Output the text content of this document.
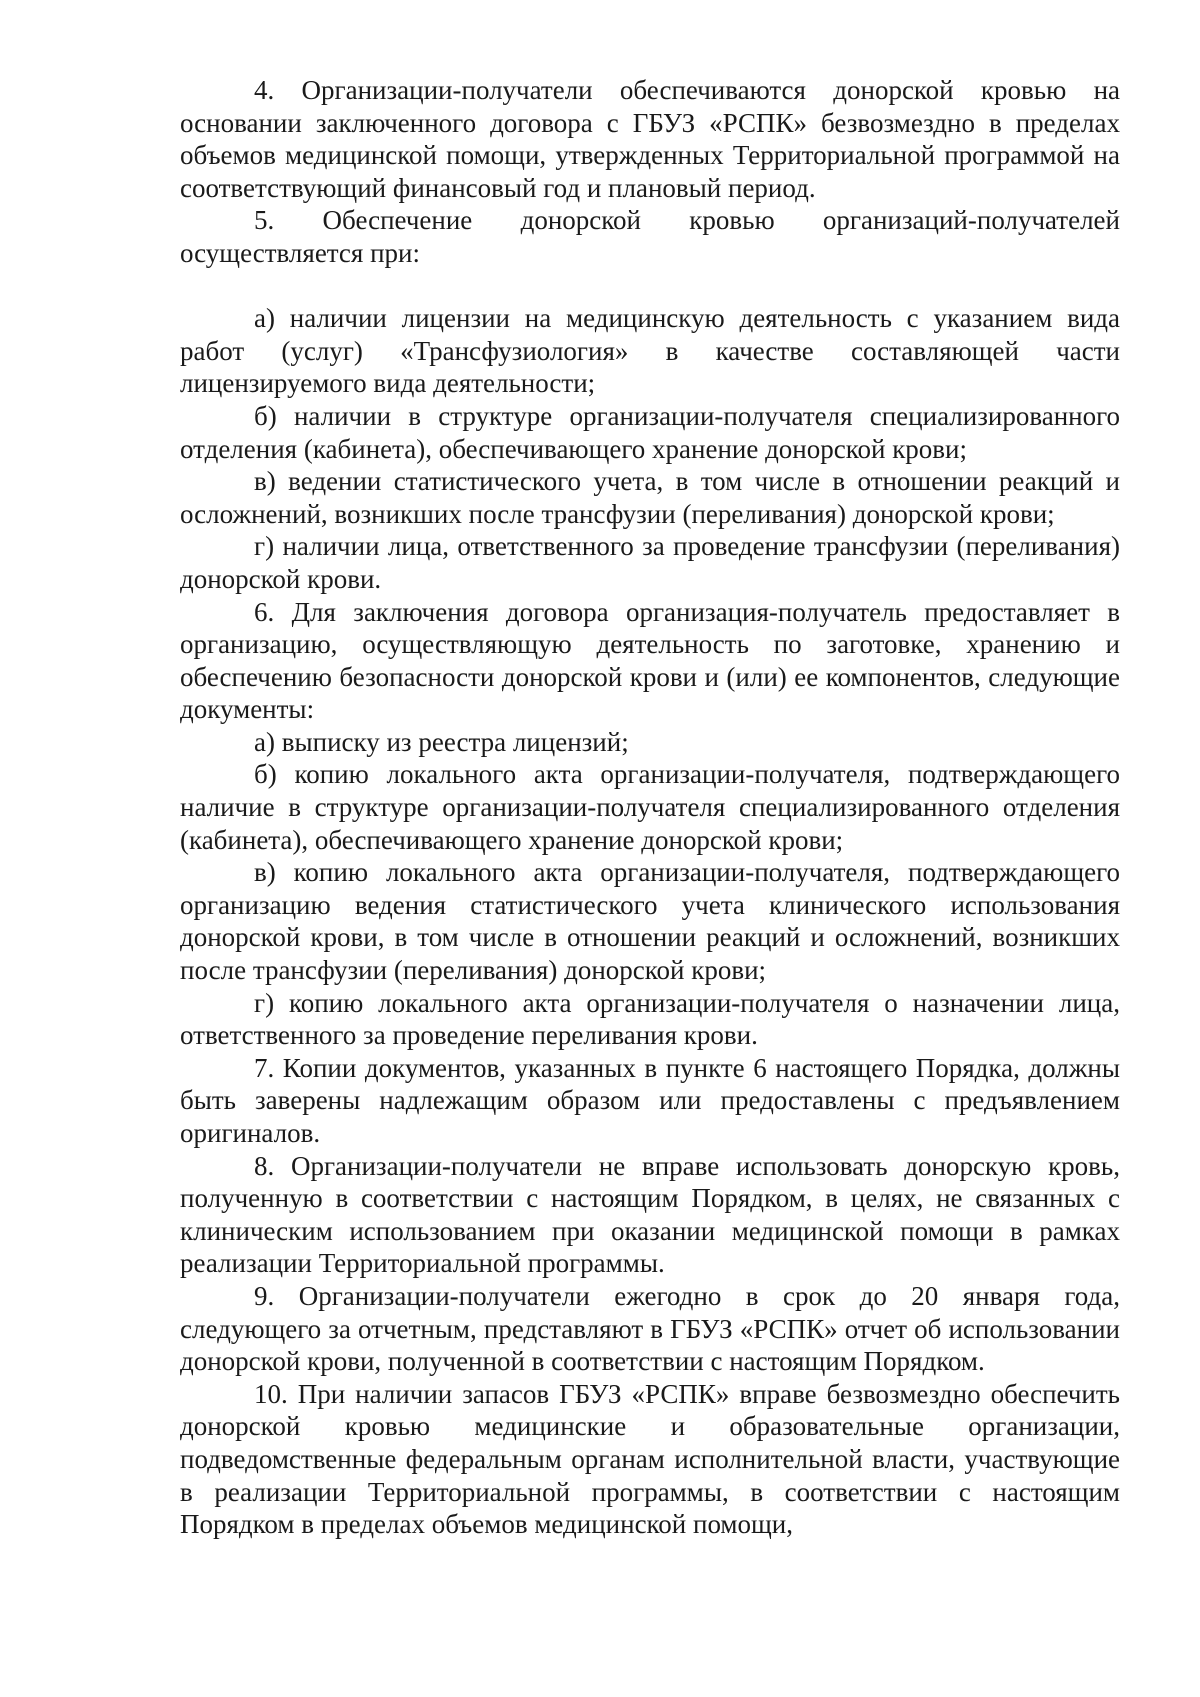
4. Организации-получатели обеспечиваются донорской кровью на основании заключенного договора с ГБУЗ «РСПК» безвозмездно в пределах объемов медицинской помощи, утвержденных Территориальной программой на соответствующий финансовый год и плановый период.

5. Обеспечение донорской кровью организаций-получателей осуществляется при:

а) наличии лицензии на медицинскую деятельность с указанием вида работ (услуг) «Трансфузиология» в качестве составляющей части лицензируемого вида деятельности;

б) наличии в структуре организации-получателя специализированного отделения (кабинета), обеспечивающего хранение донорской крови;

в) ведении статистического учета, в том числе в отношении реакций и осложнений, возникших после трансфузии (переливания) донорской крови;

г) наличии лица, ответственного за проведение трансфузии (переливания) донорской крови.

6. Для заключения договора организация-получатель предоставляет в организацию, осуществляющую деятельность по заготовке, хранению и обеспечению безопасности донорской крови и (или) ее компонентов, следующие документы:

а) выписку из реестра лицензий;

б) копию локального акта организации-получателя, подтверждающего наличие в структуре организации-получателя специализированного отделения (кабинета), обеспечивающего хранение донорской крови;

в) копию локального акта организации-получателя, подтверждающего организацию ведения статистического учета клинического использования донорской крови, в том числе в отношении реакций и осложнений, возникших после трансфузии (переливания) донорской крови;

г) копию локального акта организации-получателя о назначении лица, ответственного за проведение переливания крови.

7. Копии документов, указанных в пункте 6 настоящего Порядка, должны быть заверены надлежащим образом или предоставлены с предъявлением оригиналов.

8. Организации-получатели не вправе использовать донорскую кровь, полученную в соответствии с настоящим Порядком, в целях, не связанных с клиническим использованием при оказании медицинской помощи в рамках реализации Территориальной программы.

9. Организации-получатели ежегодно в срок до 20 января года, следующего за отчетным, представляют в ГБУЗ «РСПК» отчет об использовании донорской крови, полученной в соответствии с настоящим Порядком.

10. При наличии запасов ГБУЗ «РСПК» вправе безвозмездно обеспечить донорской кровью медицинские и образовательные организации, подведомственные федеральным органам исполнительной власти, участвующие в реализации Территориальной программы, в соответствии с настоящим Порядком в пределах объемов медицинской помощи,
